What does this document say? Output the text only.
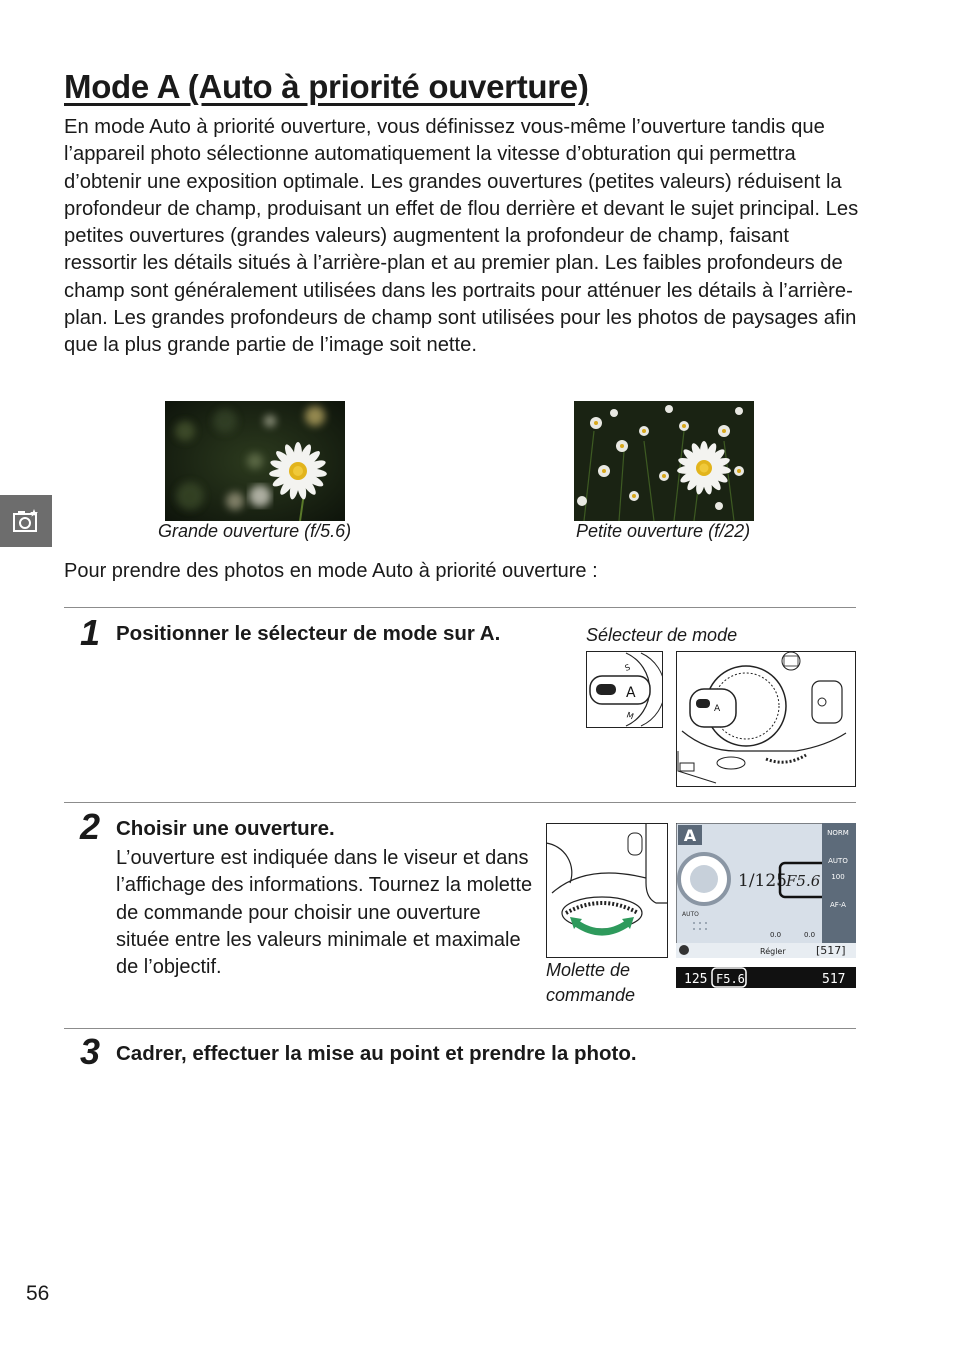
Mode A (Auto à priorité ouverture)
En mode Auto à priorité ouverture, vous définissez vous-même l’ouverture tandis que l’appareil photo sélectionne automatiquement la vitesse d’obturation qui permettra d’obtenir une exposition optimale. Les grandes ouvertures (petites valeurs) réduisent la profondeur de champ, produisant un effet de flou derrière et devant le sujet principal. Les petites ouvertures (grandes valeurs) augmentent la profondeur de champ, faisant ressortir les détails situés à l’arrière-plan et au premier plan. Les faibles profondeurs de champ sont généralement utilisées dans les portraits pour atténuer les détails à l’arrière-plan. Les grandes profondeurs de champ sont utilisées pour les photos de paysages afin que la plus grande partie de l’image soit nette.
Grande ouverture (f/5.6)	Petite ouverture (f/22)
Pour prendre des photos en mode Auto à priorité ouverture :
1 Positionner le sélecteur de mode sur A.	Sélecteur de mode
A
S
M
A
2 Choisir une ouverture.
L’ouverture est indiquée dans le viseur et dans l’affichage des informations. Tournez la molette de commande pour choisir une ouverture située entre les valeurs minimale et maximale de l’objectif.	Molette de
commande
A
AUTO
1/125 F5.6
NORM
AUTO
100
AF-A
0.0	0.0
Régler	[517]
125 F5.6	517
3 Cadrer, effectuer la mise au point et prendre la photo.
56
